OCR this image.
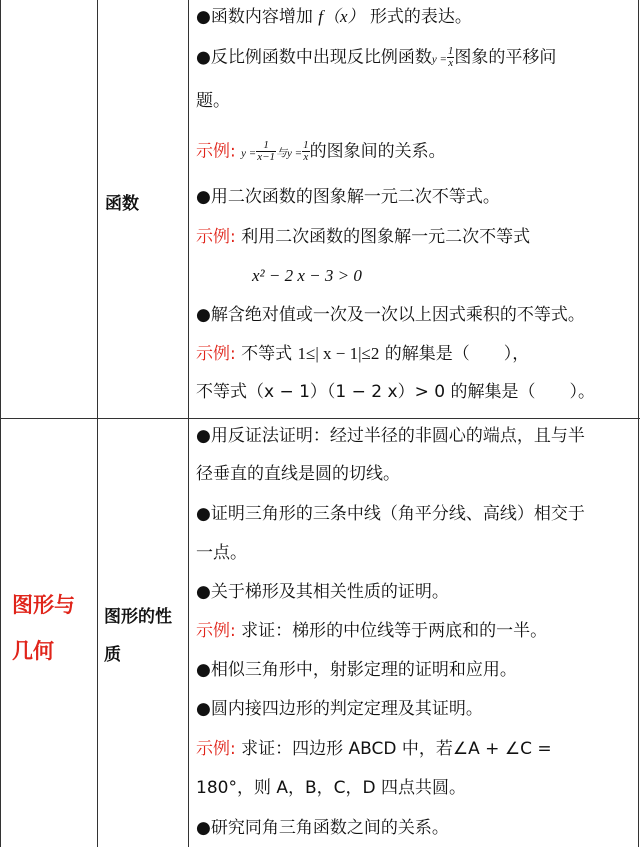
函数
●函数内容增加 f（x） 形式的表达。
●反比例函数中出现反比例函数$y = \frac{1}{x}$ 图象的平移问
题。
示例: $y = \frac{1}{x-1}$ 与$y = \frac{1}{x}$ 的图象间的关系。
●用二次函数的图象解一元二次不等式。
示例: 利用二次函数的图象解一元二次不等式
x² − 2 x − 3 > 0
●解含绝对值或一次及一次以上因式乘积的不等式。
示例: 不等式 1≤| x − 1|≤2 的解集是（　　），
不等式（x − 1）（1 − 2 x）> 0 的解集是（　　）。
图形与
几何
图形的性
质
●用反证法证明：经过半径的非圆心的端点，且与半
径垂直的直线是圆的切线。
●证明三角形的三条中线（角平分线、高线）相交于
一点。
●关于梯形及其相关性质的证明。
示例: 求证：梯形的中位线等于两底和的一半。
●相似三角形中，射影定理的证明和应用。
●圆内接四边形的判定定理及其证明。
示例: 求证：四边形 ABCD 中，若∠A + ∠C =
180°，则 A，B，C，D 四点共圆。
●研究同角三角函数之间的关系。
